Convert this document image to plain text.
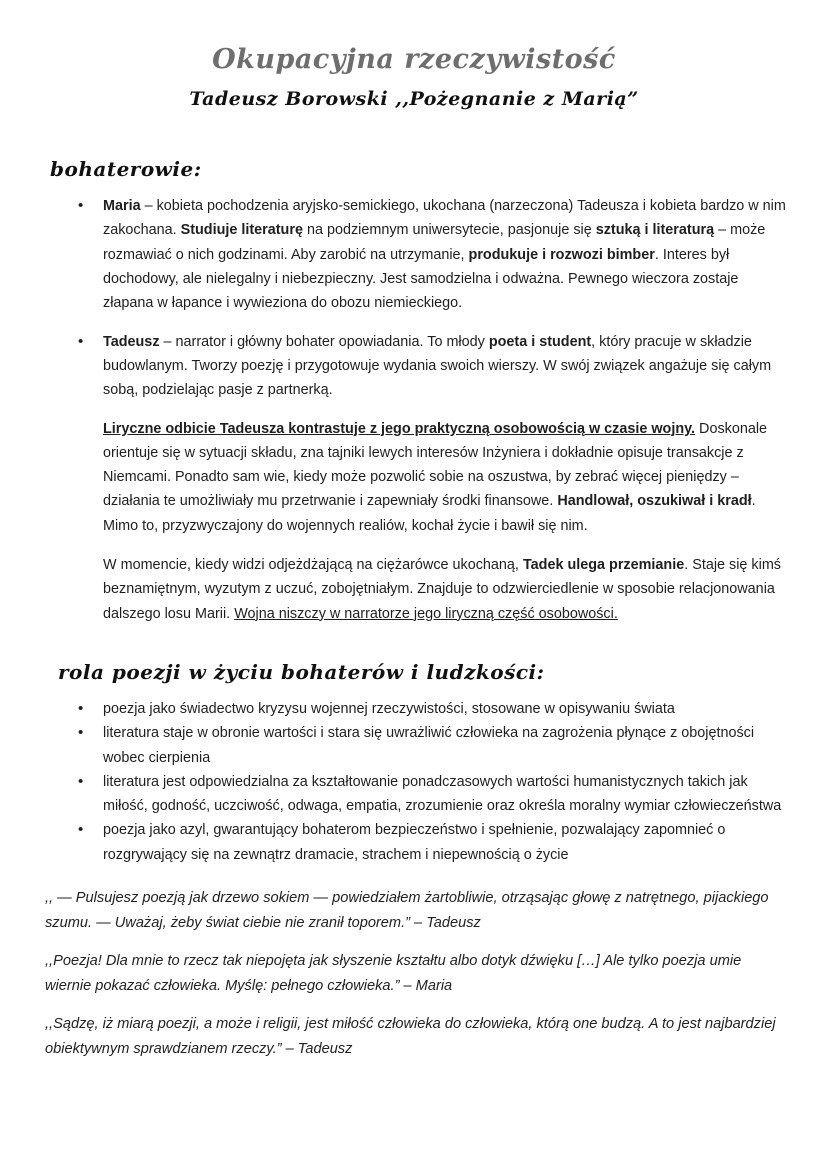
Okupacyjna rzeczywistość
Tadeusz Borowski ,,Pożegnanie z Marią”
bohaterowie:
• Maria – kobieta pochodzenia aryjsko-semickiego, ukochana (narzeczona) Tadeusza i kobieta bardzo w nim zakochana. Studiuje literaturę na podziemnym uniwersytecie, pasjonuje się sztuką i literaturą – może rozmawiać o nich godzinami. Aby zarobić na utrzymanie, produkuje i rozwozi bimber. Interes był dochodowy, ale nielegalny i niebezpieczny. Jest samodzielna i odważna. Pewnego wieczora zostaje złapana w łapance i wywieziona do obozu niemieckiego.
• Tadeusz – narrator i główny bohater opowiadania. To młody poeta i student, który pracuje w składzie budowlanym. Tworzy poezję i przygotowuje wydania swoich wierszy. W swój związek angażuje się całym sobą, podzielając pasje z partnerką.

Liryczne odbicie Tadeusza kontrastuje z jego praktyczną osobowością w czasie wojny. Doskonale orientuje się w sytuacji składu, zna tajniki lewych interesów Inżyniera i dokładnie opisuje transakcje z Niemcami. Ponadto sam wie, kiedy może pozwolić sobie na oszustwa, by zebrać więcej pieniędzy – działania te umożliwiały mu przetrwanie i zapewniały środki finansowe. Handlował, oszukiwał i kradł. Mimo to, przyzwyczajony do wojennych realiów, kochał życie i bawił się nim.

W momencie, kiedy widzi odjeżdżającą na ciężarówce ukochaną, Tadek ulega przemianie. Staje się kimś beznamiętnym, wyzutym z uczuć, zobojętniałym. Znajduje to odzwierciedlenie w sposobie relacjonowania dalszego losu Marii. Wojna niszczy w narratorze jego liryczną część osobowości.

rola poezji w życiu bohaterów i ludzkości:
• poezja jako świadectwo kryzysu wojennej rzeczywistości, stosowane w opisywaniu świata
• literatura staje w obronie wartości i stara się uwrażliwić człowieka na zagrożenia płynące z obojętności wobec cierpienia
• literatura jest odpowiedzialna za kształtowanie ponadczasowych wartości humanistycznych takich jak miłość, godność, uczciwość, odwaga, empatia, zrozumienie oraz określa moralny wymiar człowieczeństwa
• poezja jako azyl, gwarantujący bohaterom bezpieczeństwo i spełnienie, pozwalający zapomnieć o rozgrywający się na zewnątrz dramacie, strachem i niepewnością o życie

,, — Pulsujesz poezją jak drzewo sokiem — powiedziałem żartobliwie, otrząsając głowę z natrętnego, pijackiego szumu. — Uważaj, żeby świat ciebie nie zranił toporem.” – Tadeusz

,,Poezja! Dla mnie to rzecz tak niepojęta jak słyszenie kształtu albo dotyk dźwięku […] Ale tylko poezja umie wiernie pokazać człowieka. Myślę: pełnego człowieka.” – Maria

,,Sądzę, iż miarą poezji, a może i religii, jest miłość człowieka do człowieka, którą one budzą. A to jest najbardziej obiektywnym sprawdzianem rzeczy.” – Tadeusz
